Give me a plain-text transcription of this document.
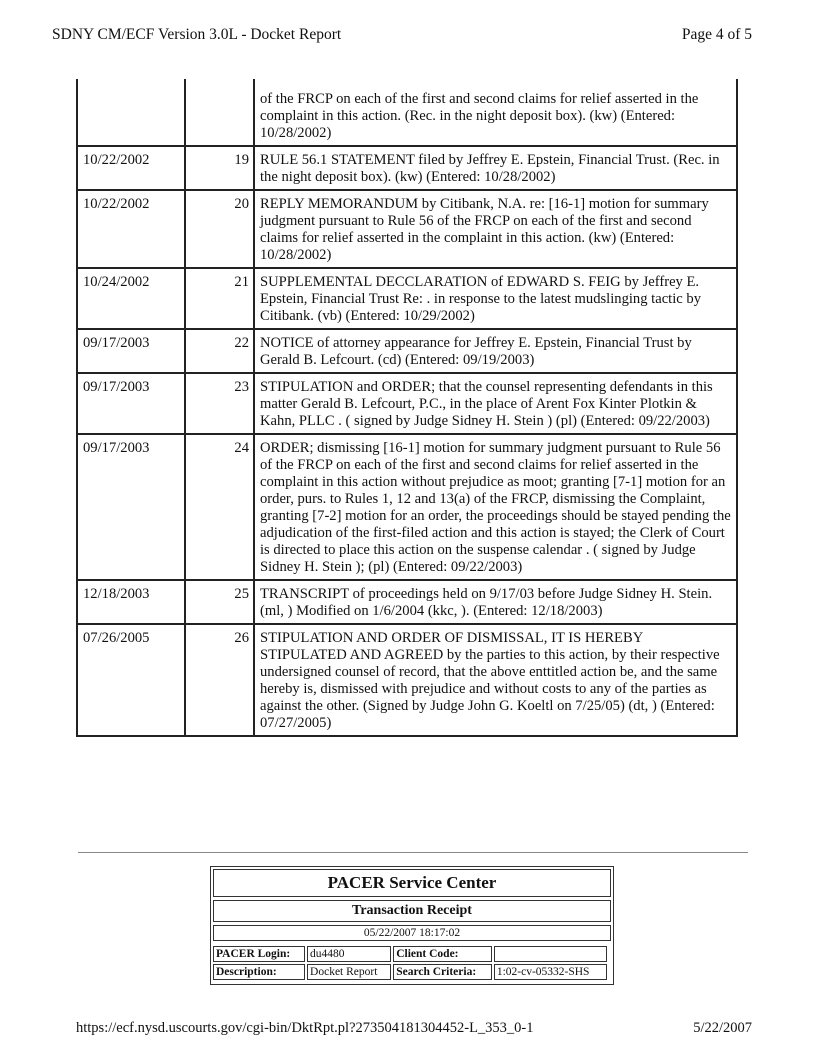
SDNY CM/ECF Version 3.0L - Docket Report	Page 4 of 5
		of the FRCP on each of the first and second claims for relief asserted in the complaint in this action. (Rec. in the night deposit box). (kw) (Entered: 10/28/2002)
10/22/2002	19	RULE 56.1 STATEMENT filed by Jeffrey E. Epstein, Financial Trust. (Rec. in the night deposit box). (kw) (Entered: 10/28/2002)
10/22/2002	20	REPLY MEMORANDUM by Citibank, N.A. re: [16-1] motion for summary judgment pursuant to Rule 56 of the FRCP on each of the first and second claims for relief asserted in the complaint in this action. (kw) (Entered: 10/28/2002)
10/24/2002	21	SUPPLEMENTAL DECCLARATION of EDWARD S. FEIG by Jeffrey E. Epstein, Financial Trust Re: . in response to the latest mudslinging tactic by Citibank. (vb) (Entered: 10/29/2002)
09/17/2003	22	NOTICE of attorney appearance for Jeffrey E. Epstein, Financial Trust by Gerald B. Lefcourt. (cd) (Entered: 09/19/2003)
09/17/2003	23	STIPULATION and ORDER; that the counsel representing defendants in this matter Gerald B. Lefcourt, P.C., in the place of Arent Fox Kinter Plotkin & Kahn, PLLC . ( signed by Judge Sidney H. Stein ) (pl) (Entered: 09/22/2003)
09/17/2003	24	ORDER; dismissing [16-1] motion for summary judgment pursuant to Rule 56 of the FRCP on each of the first and second claims for relief asserted in the complaint in this action without prejudice as moot; granting [7-1] motion for an order, purs. to Rules 1, 12 and 13(a) of the FRCP, dismissing the Complaint, granting [7-2] motion for an order, the proceedings should be stayed pending the adjudication of the first-filed action and this action is stayed; the Clerk of Court is directed to place this action on the suspense calendar . ( signed by Judge Sidney H. Stein ); (pl) (Entered: 09/22/2003)
12/18/2003	25	TRANSCRIPT of proceedings held on 9/17/03 before Judge Sidney H. Stein.(ml, ) Modified on 1/6/2004 (kkc, ). (Entered: 12/18/2003)
07/26/2005	26	STIPULATION AND ORDER OF DISMISSAL, IT IS HEREBY STIPULATED AND AGREED by the parties to this action, by their respective undersigned counsel of record, that the above enttitled action be, and the same hereby is, dismissed with prejudice and without costs to any of the parties as against the other. (Signed by Judge John G. Koeltl on 7/25/05) (dt, ) (Entered: 07/27/2005)
PACER Service Center
Transaction Receipt
05/22/2007 18:17:02
PACER Login:	du4480	Client Code:	
Description:	Docket Report	Search Criteria:	1:02-cv-05332-SHS
https://ecf.nysd.uscourts.gov/cgi-bin/DktRpt.pl?273504181304452-L_353_0-1	5/22/2007
